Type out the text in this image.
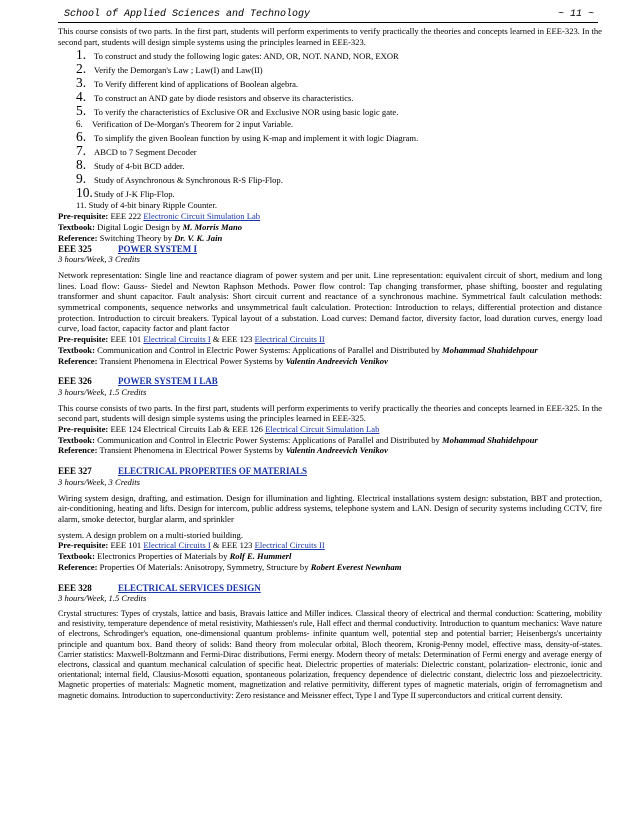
School of Applied Sciences and Technology	~ 11 ~

This course consists of two parts. In the first part, students will perform experiments to verify practically the theories and concepts learned in EEE-323. In the second part, students will design simple systems using the principles learned in EEE-323.

1. To construct and study the following logic gates: AND, OR, NOT. NAND, NOR, EXOR
2. Verify the Demorgan's Law ; Law(I) and Law(II)
3. To Verify different kind of applications of Boolean algebra.
4. To construct an AND gate by diode resistors and observe its characteristics.
5. To verify the characteristics of Exclusive OR and Exclusive NOR using basic logic gate.
6.	Verification of De-Morgan's Theorem for 2 input Variable.
6. To simplify the given Boolean function by using K-map and implement it with logic Diagram.
7. ABCD to 7 Segment Decoder
8. Study of 4-bit BCD adder.
9. Study of Asynchronous & Synchronous R-S Flip-Flop.
10. Study of J-K Flip-Flop.
11. Study of 4-bit binary Ripple Counter.

Pre-requisite: EEE 222 Electronic Circuit Simulation Lab

Textbook: Digital Logic Design by M. Morris Mano

Reference: Switching Theory by Dr. V. K. Jain

EEE 325	POWER SYSTEM I

3 hours/Week, 3 Credits

Network representation: Single line and reactance diagram of power system and per unit. Line representation: equivalent circuit of short, medium and long lines. Load flow: Gauss- Siedel and Newton Raphson Methods. Power flow control: Tap changing transformer, phase shifting, booster and regulating transformer and shunt capacitor. Fault analysis: Short circuit current and reactance of a synchronous machine. Symmetrical fault calculation methods: symmetrical components, sequence networks and unsymmetrical fault calculation. Protection: Introduction to relays, differential protection and distance protection. Introduction to circuit breakers. Typical layout of a substation. Load curves: Demand factor, diversity factor, load duration curves, energy load curve, load factor, capacity factor and plant factor

Pre-requisite: EEE 101 Electrical Circuits I & EEE 123 Electrical Circuits II

Textbook: Communication and Control in Electric Power Systems: Applications of Parallel and Distributed by Mohammad Shahidehpour

Reference: Transient Phenomena in Electrical Power Systems by Valentin Andreevich Venikov

EEE 326	POWER SYSTEM I LAB

3 hours/Week, 1.5 Credits

This course consists of two parts. In the first part, students will perform experiments to verify practically the theories and concepts learned in EEE-325. In the second part, students will design simple systems using the principles learned in EEE-325.

Pre-requisite: EEE 124 Electrical Circuits Lab & EEE 126 Electrical Circuit Simulation Lab

Textbook: Communication and Control in Electric Power Systems: Applications of Parallel and Distributed by Mohammad Shahidehpour

Reference: Transient Phenomena in Electrical Power Systems by Valentin Andreevich Venikov

EEE 327	ELECTRICAL PROPERTIES OF MATERIALS

3 hours/Week, 3 Credits

Wiring system design, drafting, and estimation. Design for illumination and lighting. Electrical installations system design: substation, BBT and protection, air-conditioning, heating and lifts. Design for intercom, public address systems, telephone system and LAN. Design of security systems including CCTV, fire alarm, smoke detector, burglar alarm, and sprinkler

system. A design problem on a multi-storied building.

Pre-requisite: EEE 101 Electrical Circuits I & EEE 123 Electrical Circuits II

Textbook: Electronics Properties of Materials by Rolf E. Hummerl

Reference: Properties Of Materials: Anisotropy, Symmetry, Structure by Robert Everest Newnham

EEE 328	ELECTRICAL SERVICES DESIGN

3 hours/Week, 1.5 Credits

Crystal structures: Types of crystals, lattice and basis, Bravais lattice and Miller indices. Classical theory of electrical and thermal conduction: Scattering, mobility and resistivity, temperature dependence of metal resistivity, Mathiessen's rule, Hall effect and thermal conductivity. Introduction to quantum mechanics: Wave nature of electrons, Schrodinger's equation, one-dimensional quantum problems- infinite quantum well, potential step and potential barrier; Heisenbergs's uncertainty principle and quantum box. Band theory of solids: Band theory from molecular orbital, Bloch theorem, Kronig-Penny model, effective mass, density-of-states. Carrier statistics: Maxwell-Boltzmann and Fermi-Dirac distributions, Fermi energy. Modern theory of metals: Determination of Fermi energy and average energy of electrons, classical and quantum mechanical calculation of specific heat. Dielectric properties of materials: Dielectric constant, polarization- electronic, ionic and orientational; internal field, Clausius-Mosotti equation, spontaneous polarization, frequency dependence of dielectric constant, dielectric loss and piezoelectricity. Magnetic properties of materials: Magnetic moment, magnetization and relative permitivity, different types of magnetic materials, origin of ferromagnetism and magnetic domains. Introduction to superconductivity: Zero resistance and Meissner effect, Type I and Type II superconductors and critical current density.
